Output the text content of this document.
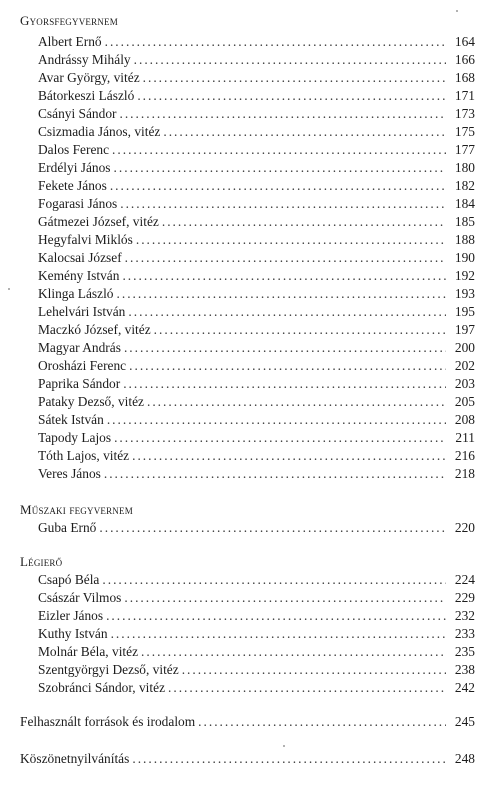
Gyorsfegyvernem
Albert Ernő .....	164
Andrássy Mihály .....	166
Avar György, vitéz .....	168
Bátorkeszi László .....	171
Csányi Sándor .....	173
Csizmadia János, vitéz .....	175
Dalos Ferenc .....	177
Erdélyi János .....	180
Fekete János .....	182
Fogarasi János .....	184
Gátmezei József, vitéz .....	185
Hegyfalvi Miklós .....	188
Kalocsai József .....	190
Kemény István .....	192
Klinga László .....	193
Lehelvári István .....	195
Maczkó József, vitéz .....	197
Magyar András .....	200
Orosházi Ferenc .....	202
Paprika Sándor .....	203
Pataky Dezső, vitéz .....	205
Sátek István .....	208
Tapody Lajos .....	211
Tóth Lajos, vitéz .....	216
Veres János .....	218
Műszaki fegyvernem
Guba Ernő .....	220
Légierő
Csapó Béla .....	224
Császár Vilmos .....	229
Eizler János .....	232
Kuthy István .....	233
Molnár Béla, vitéz .....	235
Szentgyörgyi Dezső, vitéz .....	238
Szobránci Sándor, vitéz .....	242
Felhasznált források és irodalom .....	245
Köszönetnyilvánítás .....	248
